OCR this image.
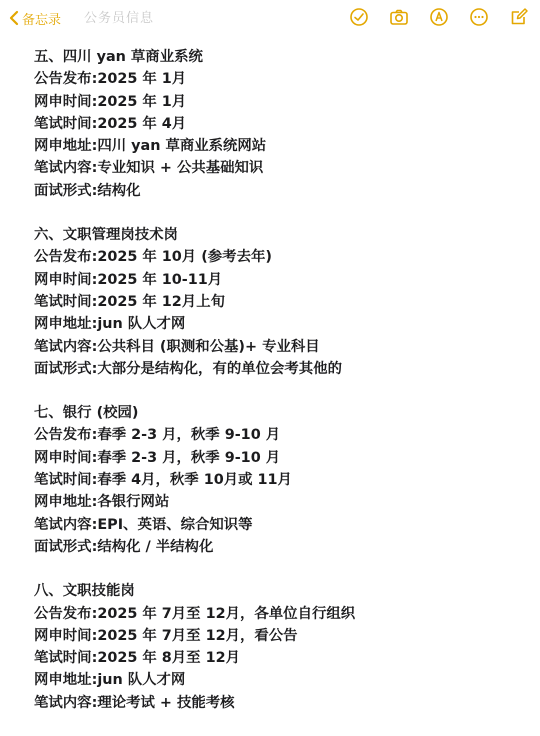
备忘录 公务员信息
五、四川 yan 草商业系统
公告发布:2025 年 1月
网申时间:2025 年 1月
笔试时间:2025 年 4月
网申地址:四川 yan 草商业系统网站
笔试内容:专业知识 + 公共基础知识
面试形式:结构化
六、文职管理岗技术岗
公告发布:2025 年 10月 (参考去年)
网申时间:2025 年 10-11月
笔试时间:2025 年 12月上旬
网申地址:jun 队人才网
笔试内容:公共科目 (职测和公基)+ 专业科目
面试形式:大部分是结构化，有的单位会考其他的
七、银行 (校园)
公告发布:春季 2-3 月，秋季 9-10 月
网申时间:春季 2-3 月，秋季 9-10 月
笔试时间:春季 4月，秋季 10月或 11月
网申地址:各银行网站
笔试内容:EPI、英语、综合知识等
面试形式:结构化 / 半结构化
八、文职技能岗
公告发布:2025 年 7月至 12月，各单位自行组织
网申时间:2025 年 7月至 12月，看公告
笔试时间:2025 年 8月至 12月
网申地址:jun 队人才网
笔试内容:理论考试 + 技能考核
